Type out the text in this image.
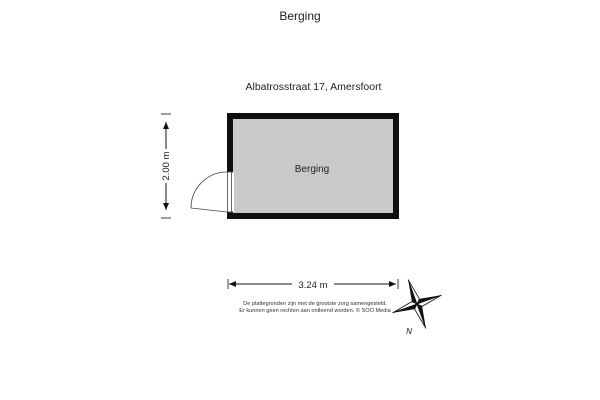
Berging
Albatrosstraat 17, Amersfoort
Berging
2.00 m
3.24 m
N
De plattegronden zijn met de grootste zorg samengesteld.
Er kunnen geen rechten aan ontleend worden. © SOO Media
